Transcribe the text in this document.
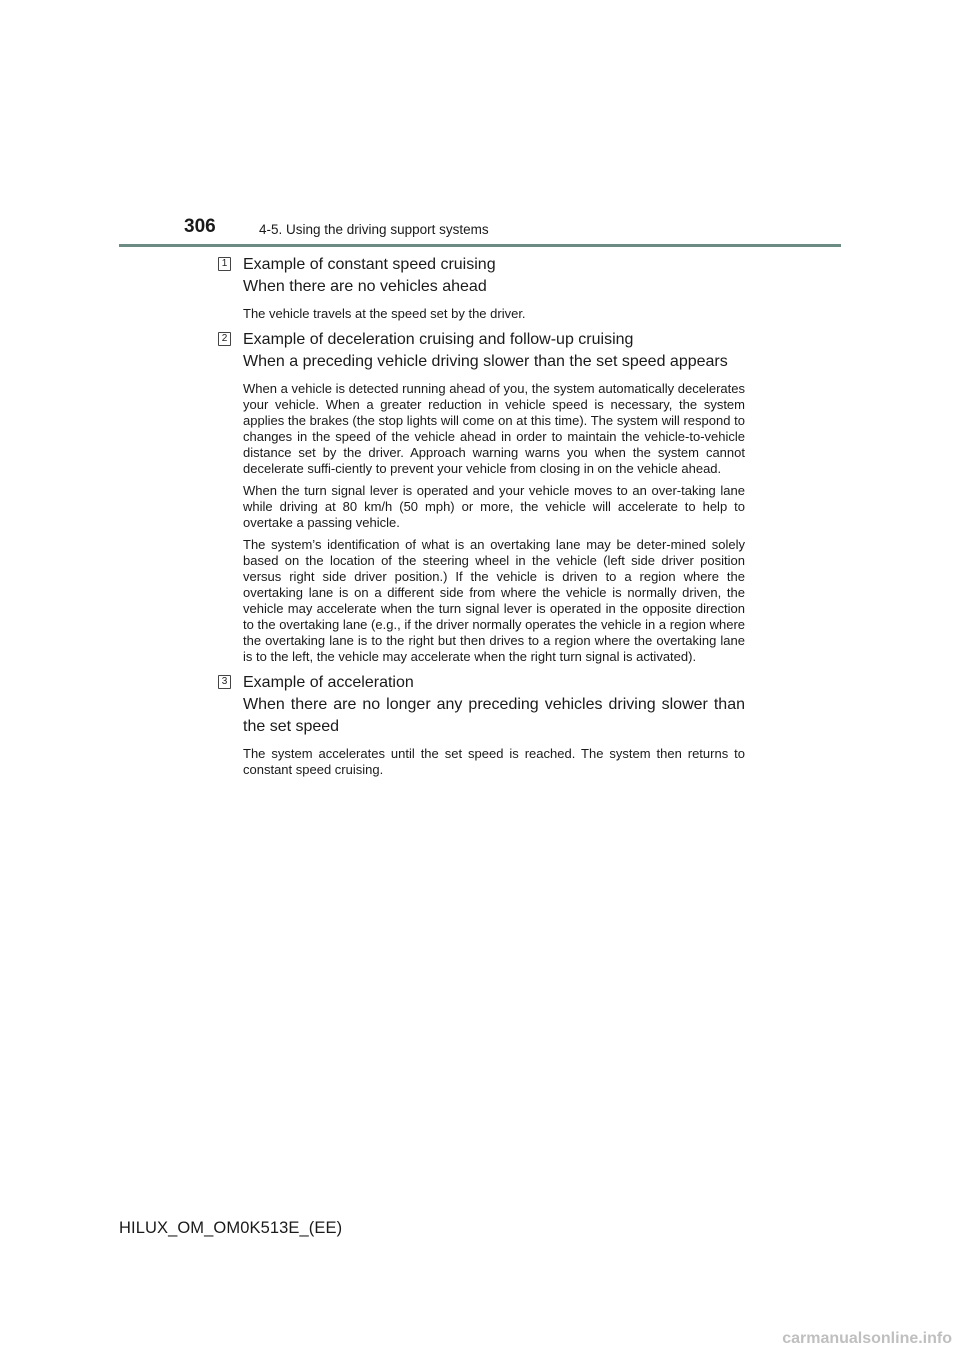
306	4-5. Using the driving support systems
1 Example of constant speed cruising

When there are no vehicles ahead

The vehicle travels at the speed set by the driver.

2 Example of deceleration cruising and follow-up cruising

When a preceding vehicle driving slower than the set speed appears

When a vehicle is detected running ahead of you, the system automatically decelerates your vehicle. When a greater reduction in vehicle speed is necessary, the system applies the brakes (the stop lights will come on at this time). The system will respond to changes in the speed of the vehicle ahead in order to maintain the vehicle-to-vehicle distance set by the driver. Approach warning warns you when the system cannot decelerate suffi-ciently to prevent your vehicle from closing in on the vehicle ahead.

When the turn signal lever is operated and your vehicle moves to an over-taking lane while driving at 80 km/h (50 mph) or more, the vehicle will accelerate to help to overtake a passing vehicle.

The system’s identification of what is an overtaking lane may be deter-mined solely based on the location of the steering wheel in the vehicle (left side driver position versus right side driver position.) If the vehicle is driven to a region where the overtaking lane is on a different side from where the vehicle is normally driven, the vehicle may accelerate when the turn signal lever is operated in the opposite direction to the overtaking lane (e.g., if the driver normally operates the vehicle in a region where the overtaking lane is to the right but then drives to a region where the overtaking lane is to the left, the vehicle may accelerate when the right turn signal is activated).

3 Example of acceleration

When there are no longer any preceding vehicles driving slower than the set speed

The system accelerates until the set speed is reached. The system then returns to constant speed cruising.

HILUX_OM_OM0K513E_(EE)
carmanualsonline.info
